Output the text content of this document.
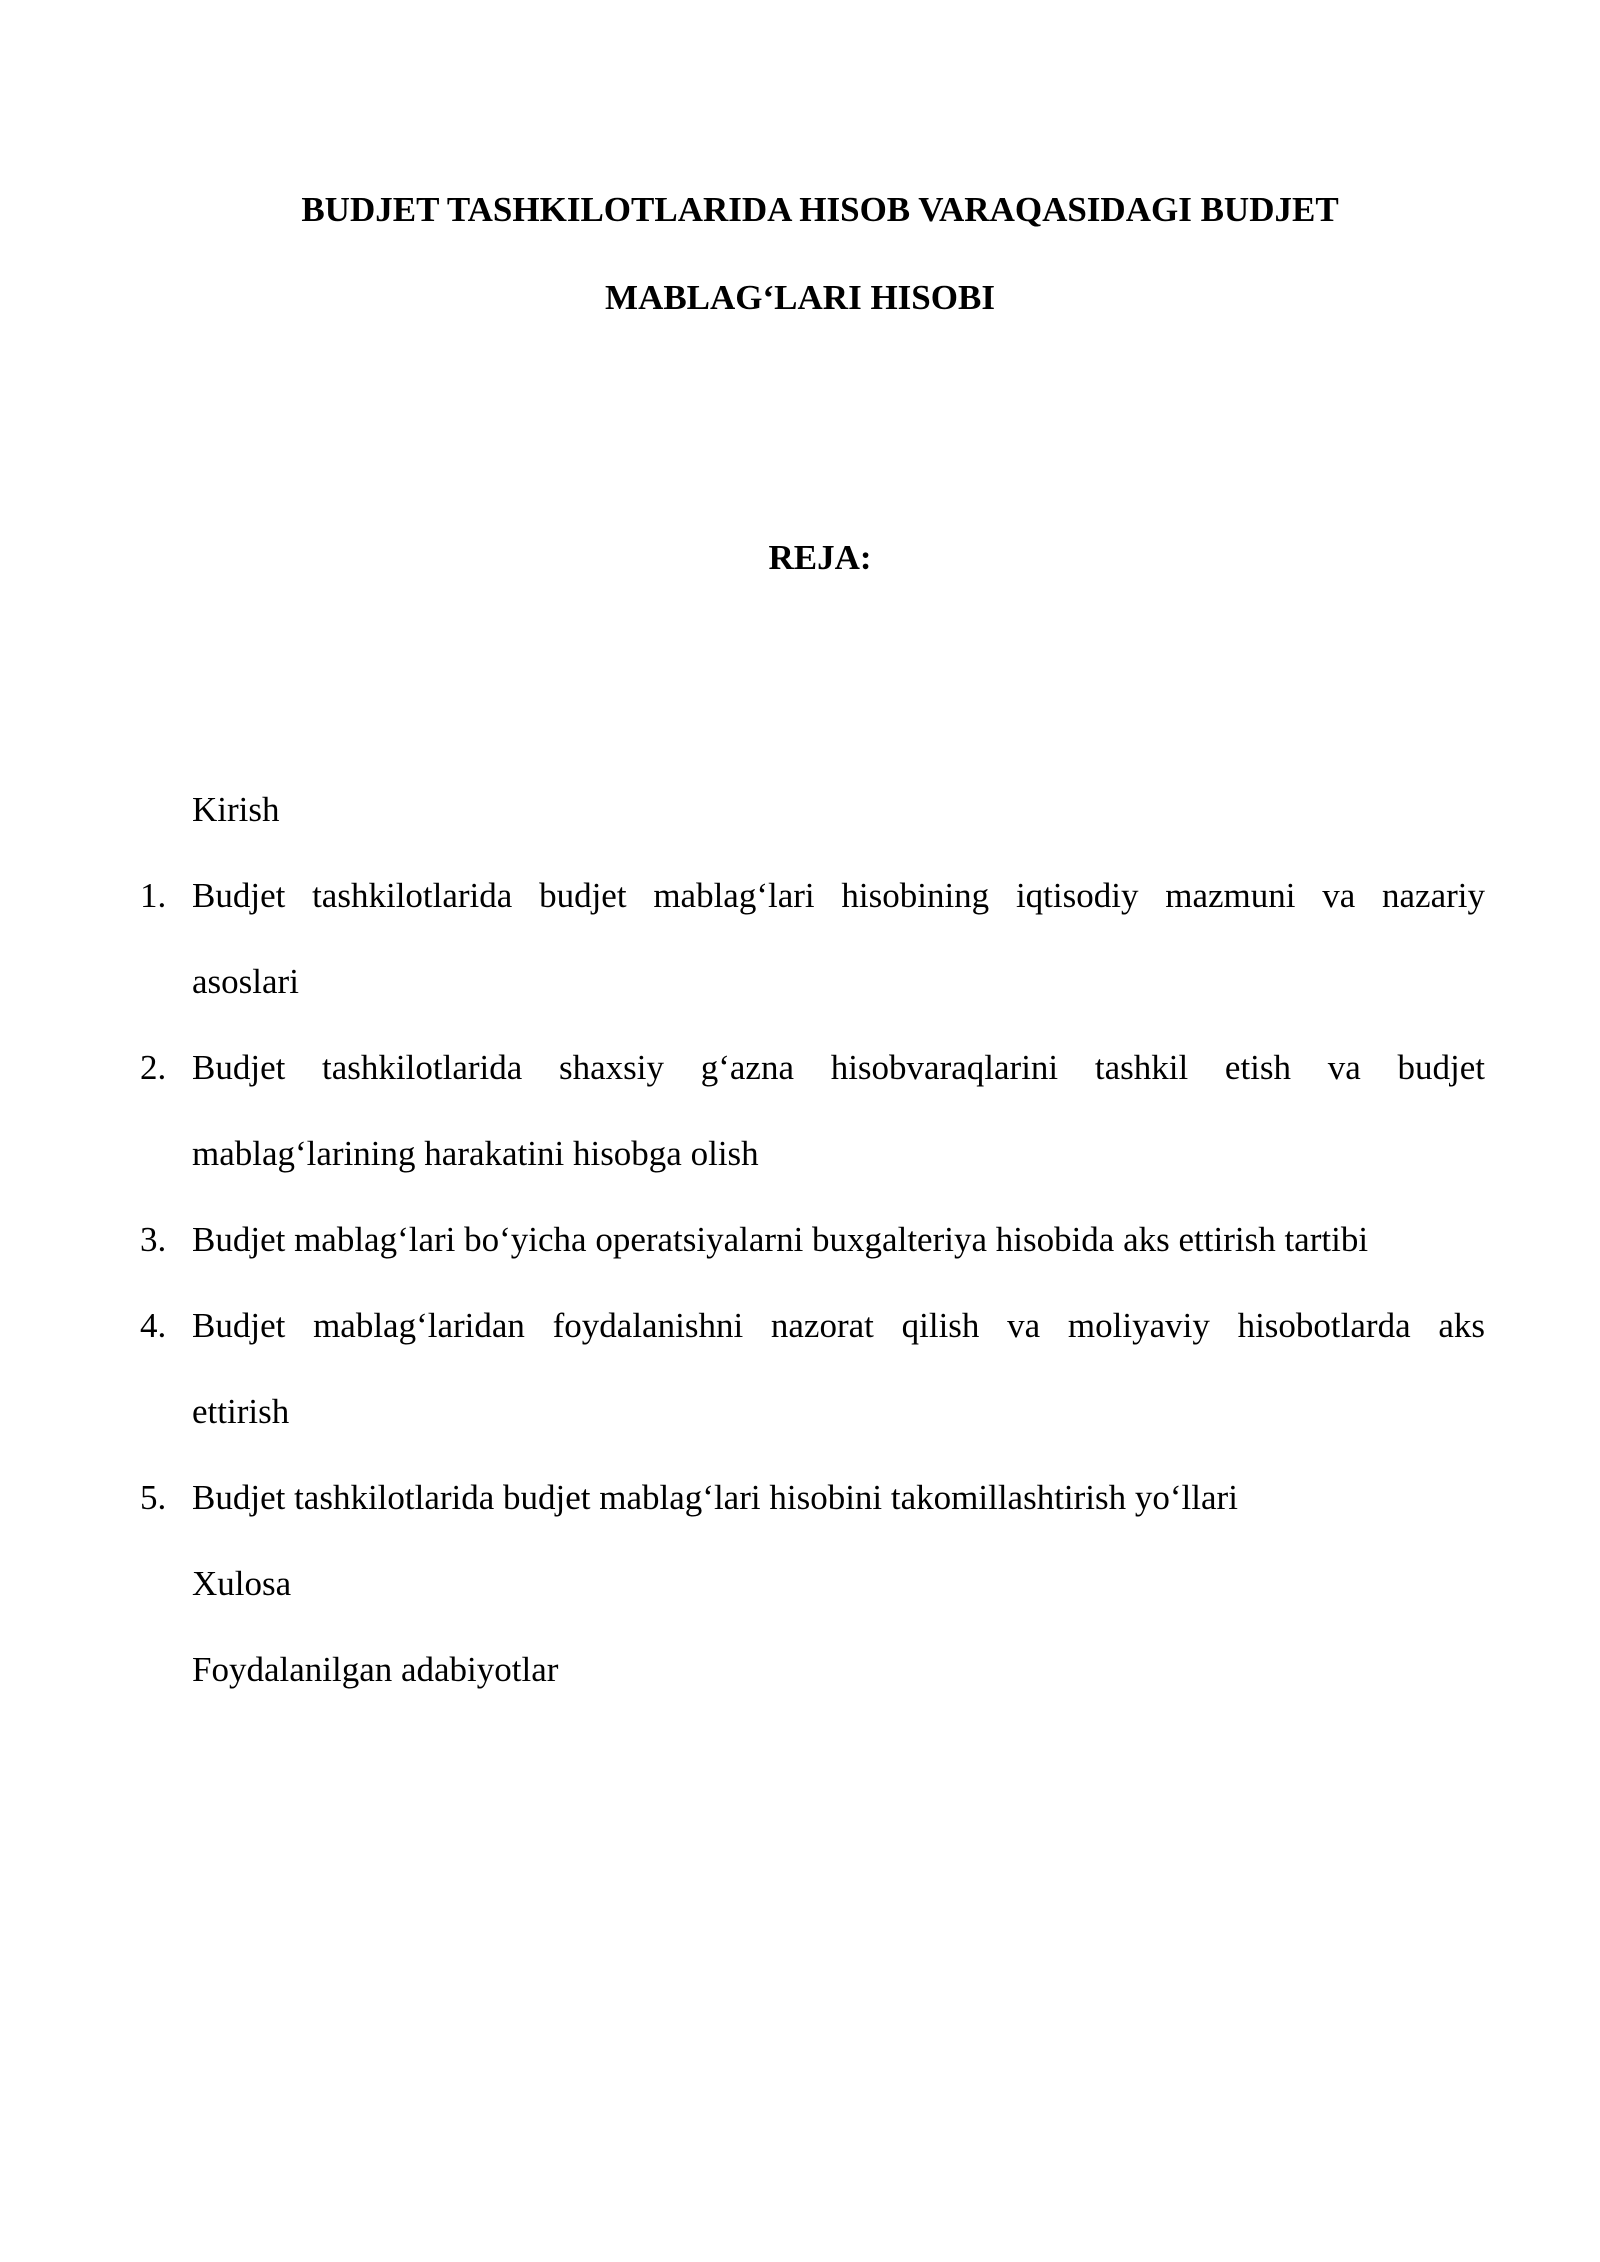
BUDJET TASHKILOTLARIDA HISOB VARAQASIDAGI BUDJET
MABLAG‘LARI HISOBI
REJA:
Kirish
1. Budjet tashkilotlarida budjet mablag‘lari hisobining iqtisodiy mazmuni va nazariy
asoslari
2. Budjet tashkilotlarida shaxsiy g‘azna hisobvaraqlarini tashkil etish va budjet
mablag‘larining harakatini hisobga olish
3. Budjet mablag‘lari bo‘yicha operatsiyalarni buxgalteriya hisobida aks ettirish tartibi
4. Budjet mablag‘laridan foydalanishni nazorat qilish va moliyaviy hisobotlarda aks
ettirish
5. Budjet tashkilotlarida budjet mablag‘lari hisobini takomillashtirish yo‘llari
Xulosa
Foydalanilgan adabiyotlar
